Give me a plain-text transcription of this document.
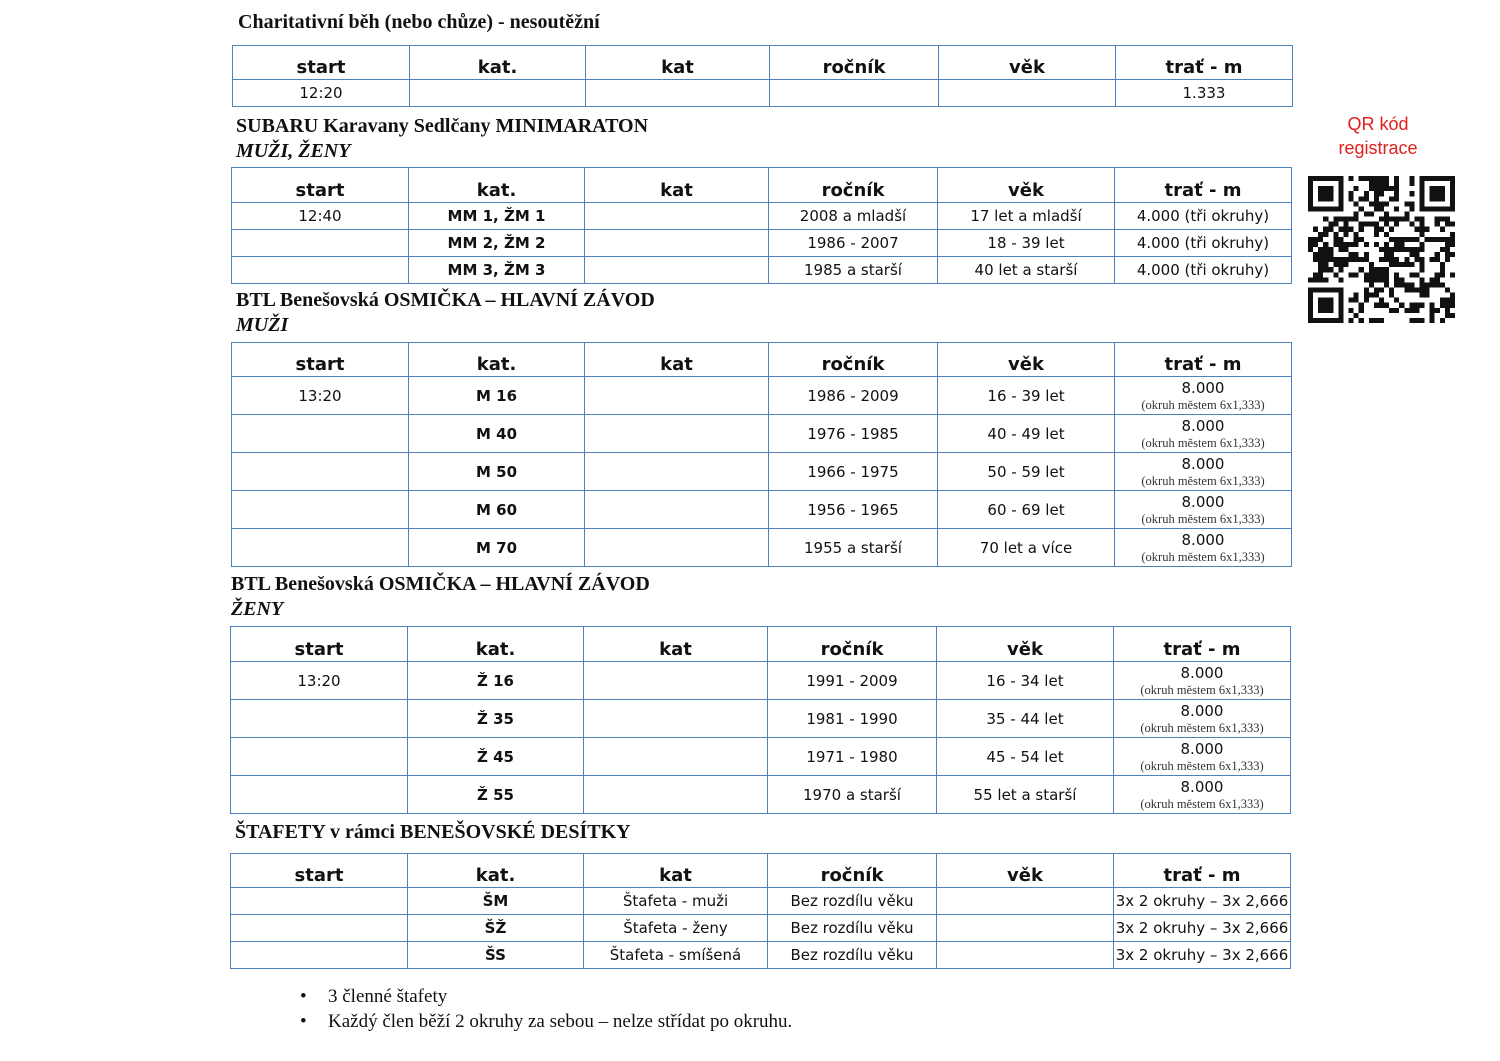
Charitativní běh (nebo chůze) - nesoutěžní
start	kat.	kat	ročník	věk	trať - m
12:20					1.333
SUBARU Karavany Sedlčany MINIMARATON
MUŽI, ŽENY
start	kat.	kat	ročník	věk	trať - m
12:40	MM 1, ŽM 1		2008 a mladší	17 let a mladší	4.000 (tři okruhy)
	MM 2, ŽM 2		1986 - 2007	18 - 39 let	4.000 (tři okruhy)
	MM 3, ŽM 3		1985 a starší	40 let a starší	4.000 (tři okruhy)
BTL Benešovská OSMIČKA – HLAVNÍ ZÁVOD
MUŽI
start	kat.	kat	ročník	věk	trať - m
13:20	M 16		1986 - 2009	16 - 39 let	8.000
(okruh městem 6x1,333)

	M 40		1976 - 1985	40 - 49 let	8.000
(okruh městem 6x1,333)

	M 50		1966 - 1975	50 - 59 let	8.000
(okruh městem 6x1,333)

	M 60		1956 - 1965	60 - 69 let	8.000
(okruh městem 6x1,333)

	M 70		1955 a starší	70 let a více	8.000
(okruh městem 6x1,333)
BTL Benešovská OSMIČKA – HLAVNÍ ZÁVOD
ŽENY
start	kat.	kat	ročník	věk	trať - m
13:20	Ž 16		1991 - 2009	16 - 34 let	8.000
(okruh městem 6x1,333)

	Ž 35		1981 - 1990	35 - 44 let	8.000
(okruh městem 6x1,333)

	Ž 45		1971 - 1980	45 - 54 let	8.000
(okruh městem 6x1,333)

	Ž 55		1970 a starší	55 let a starší	8.000
(okruh městem 6x1,333)
ŠTAFETY v rámci BENEŠOVSKÉ DESÍTKY
start	kat.	kat	ročník	věk	trať - m
	ŠM	Štafeta - muži	Bez rozdílu věku		3x 2 okruhy – 3x 2,666
	ŠŽ	Štafeta - ženy	Bez rozdílu věku		3x 2 okruhy – 3x 2,666
	ŠS	Štafeta - smíšená	Bez rozdílu věku		3x 2 okruhy – 3x 2,666
QR kód
registrace
• 3 členné štafety
• Každý člen běží 2 okruhy za sebou – nelze střídat po okruhu.
